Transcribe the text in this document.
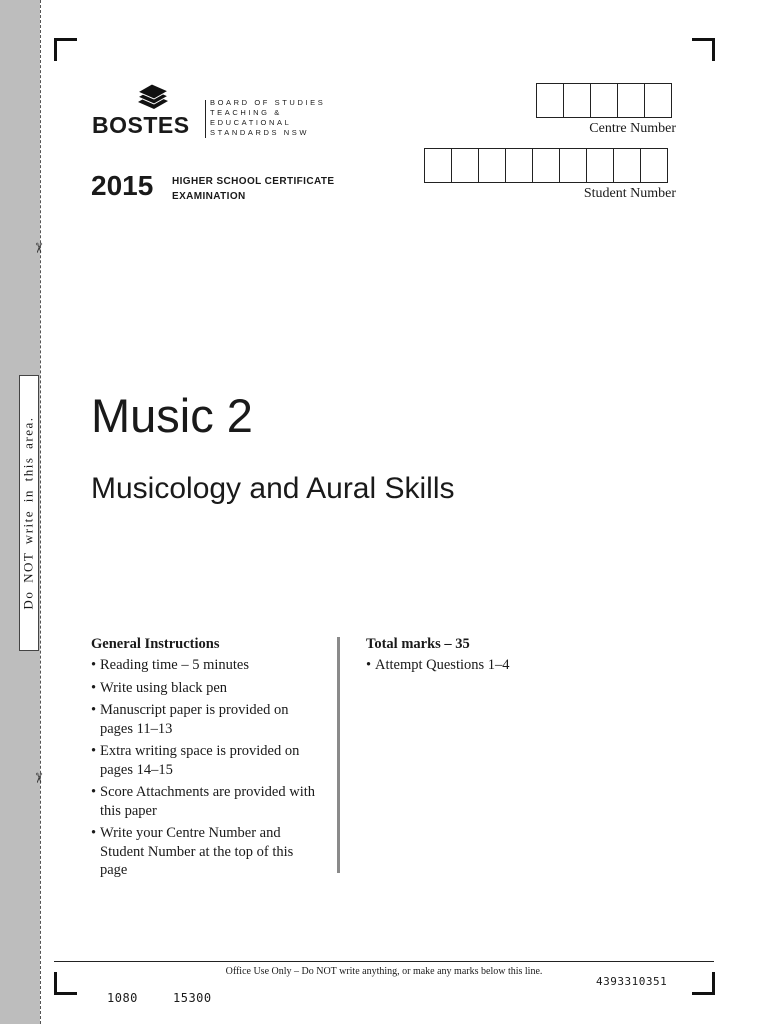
✂
✂
Do NOT write in this area.
BOSTES
BOARD OF STUDIES
TEACHING &
EDUCATIONAL
STANDARDS NSW
2015 HIGHER SCHOOL CERTIFICATE
EXAMINATION
Centre Number
Student Number
Music 2
Musicology and Aural Skills
General Instructions
• Reading time – 5 minutes
• Write using black pen
• Manuscript paper is provided on pages 11–13
• Extra writing space is provided on pages 14–15
• Score Attachments are provided with this paper
• Write your Centre Number and Student Number at the top of this page
Total marks – 35
• Attempt Questions 1–4
Office Use Only – Do NOT write anything, or make any marks below this line.
4393310351
1080	15300
